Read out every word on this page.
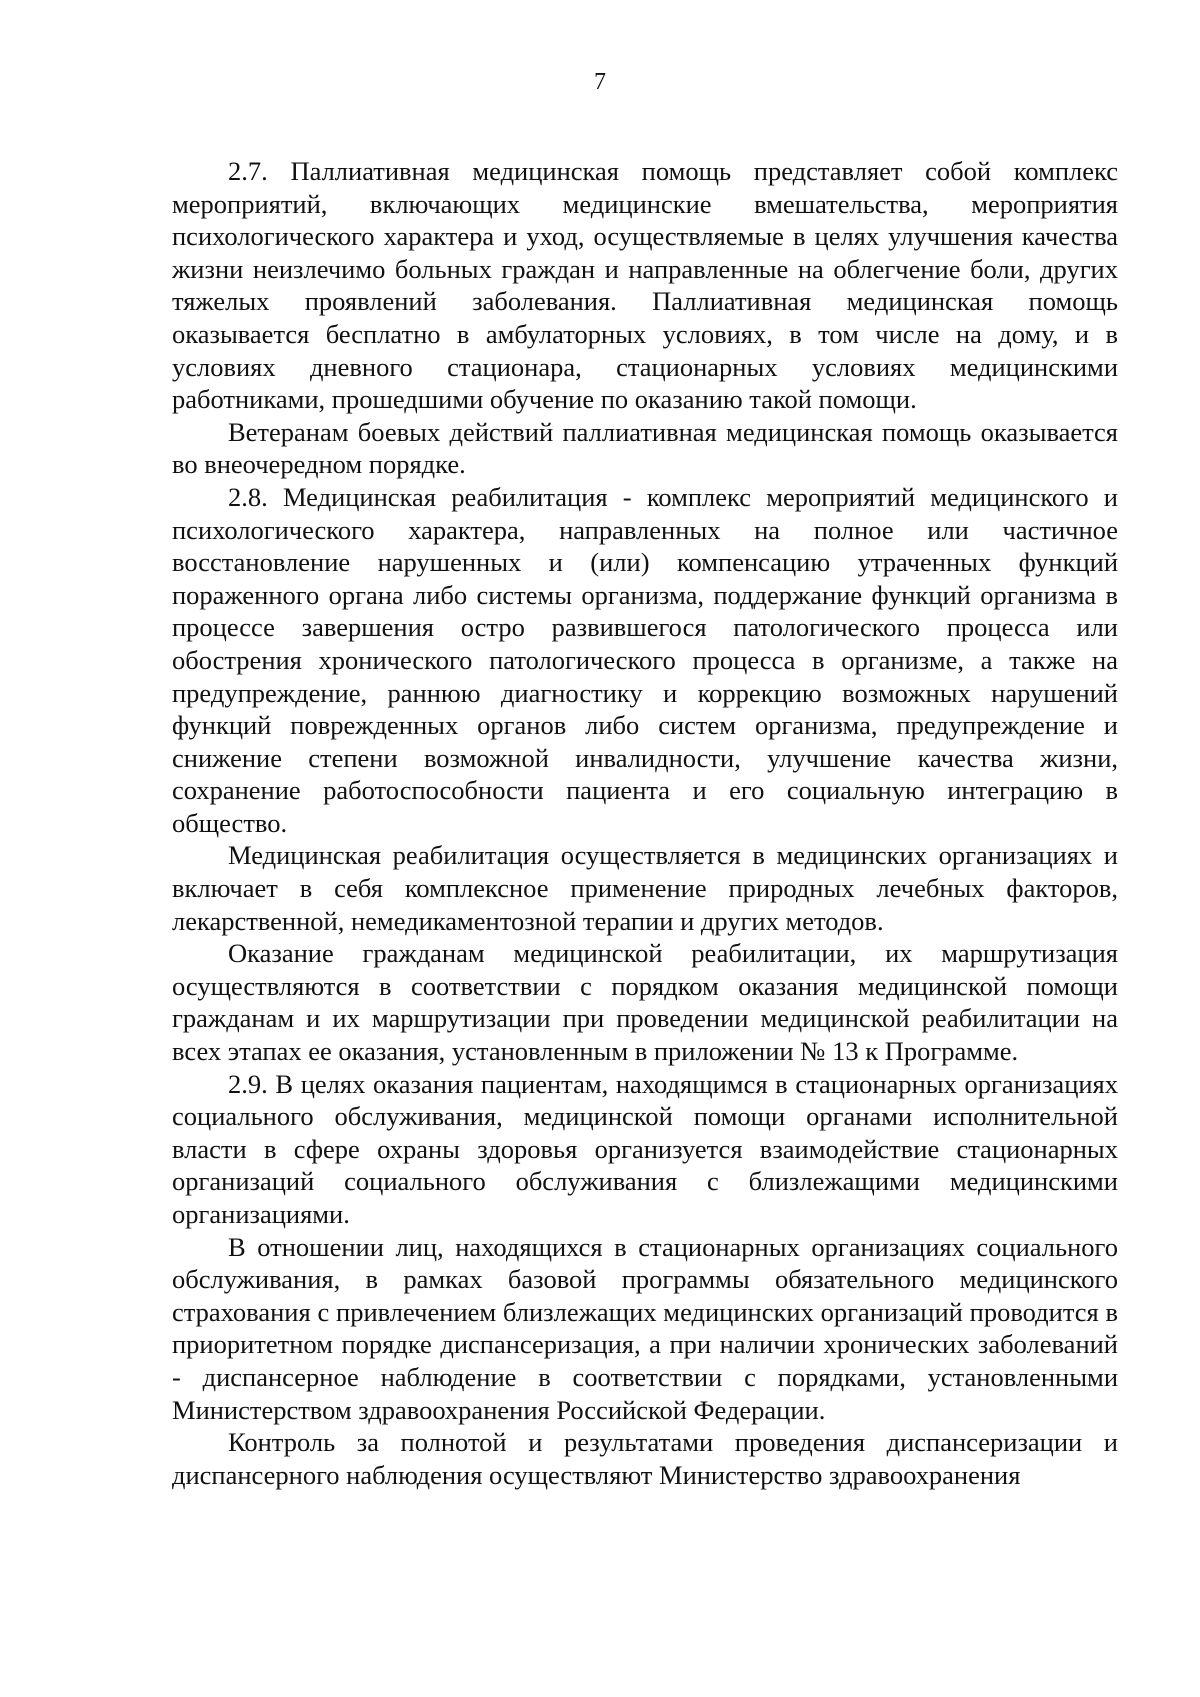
7

2.7. Паллиативная медицинская помощь представляет собой комплекс мероприятий, включающих медицинские вмешательства, мероприятия психологического характера и уход, осуществляемые в целях улучшения качества жизни неизлечимо больных граждан и направленные на облегчение боли, других тяжелых проявлений заболевания. Паллиативная медицинская помощь оказывается бесплатно в амбулаторных условиях, в том числе на дому, и в условиях дневного стационара, стационарных условиях медицинскими работниками, прошедшими обучение по оказанию такой помощи.

Ветеранам боевых действий паллиативная медицинская помощь оказывается во внеочередном порядке.

2.8. Медицинская реабилитация - комплекс мероприятий медицинского и психологического характера, направленных на полное или частичное восстановление нарушенных и (или) компенсацию утраченных функций пораженного органа либо системы организма, поддержание функций организма в процессе завершения остро развившегося патологического процесса или обострения хронического патологического процесса в организме, а также на предупреждение, раннюю диагностику и коррекцию возможных нарушений функций поврежденных органов либо систем организма, предупреждение и снижение степени возможной инвалидности, улучшение качества жизни, сохранение работоспособности пациента и его социальную интеграцию в общество.

Медицинская реабилитация осуществляется в медицинских организациях и включает в себя комплексное применение природных лечебных факторов, лекарственной, немедикаментозной терапии и других методов.

Оказание гражданам медицинской реабилитации, их маршрутизация осуществляются в соответствии с порядком оказания медицинской помощи гражданам и их маршрутизации при проведении медицинской реабилитации на всех этапах ее оказания, установленным в приложении № 13 к Программе.

2.9. В целях оказания пациентам, находящимся в стационарных организациях социального обслуживания, медицинской помощи органами исполнительной власти в сфере охраны здоровья организуется взаимодействие стационарных организаций социального обслуживания с близлежащими медицинскими организациями.

В отношении лиц, находящихся в стационарных организациях социального обслуживания, в рамках базовой программы обязательного медицинского страхования с привлечением близлежащих медицинских организаций проводится в приоритетном порядке диспансеризация, а при наличии хронических заболеваний - диспансерное наблюдение в соответствии с порядками, установленными Министерством здравоохранения Российской Федерации.

Контроль за полнотой и результатами проведения диспансеризации и диспансерного наблюдения осуществляют Министерство здравоохранения
